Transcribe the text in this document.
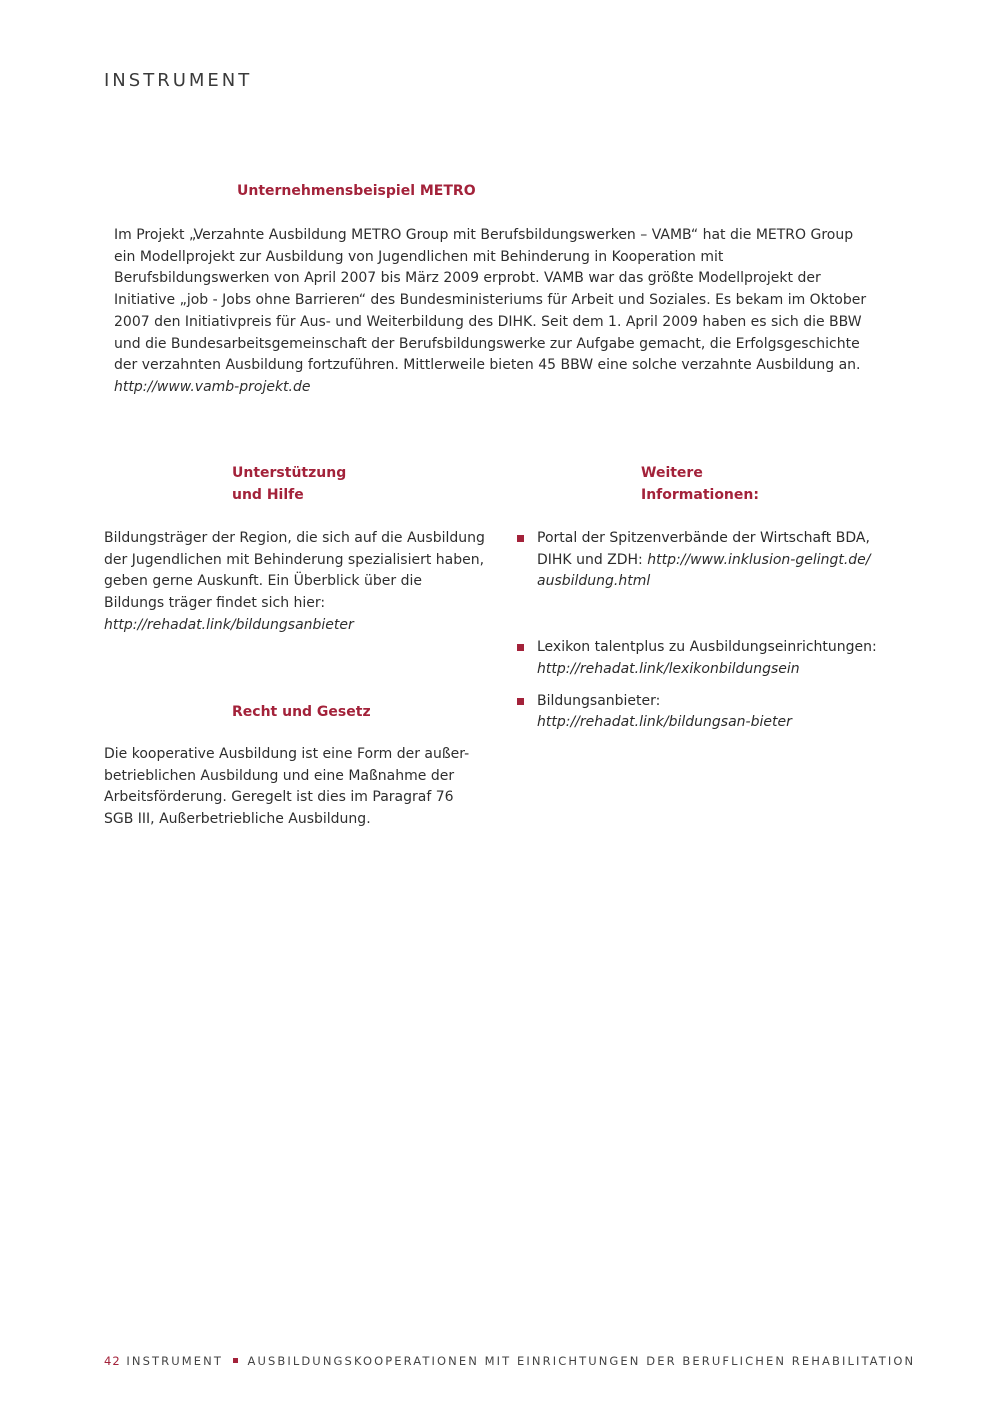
INSTRUMENT
Unternehmensbeispiel METRO
Im Projekt „Verzahnte Ausbildung METRO Group mit Berufsbildungswerken – VAMB“ hat die METRO Group ein Modellprojekt zur Ausbildung von Jugendlichen mit Behinderung in Kooperation mit Berufsbildungswerken von April 2007 bis März 2009 erprobt. VAMB war das größte Modellprojekt der Initiative „job - Jobs ohne Barrieren“ des Bundesministeriums für Arbeit und Soziales. Es bekam im Oktober 2007 den Initiativpreis für Aus- und Weiterbildung des DIHK. Seit dem 1. April 2009 haben es sich die BBW und die Bundesarbeitsgemeinschaft der Berufsbildungswerke zur Aufgabe gemacht, die Erfolgsgeschichte der verzahnten Ausbildung fortzuführen. Mittlerweile bieten 45 BBW eine solche verzahnte Ausbildung an. http://www.vamb-projekt.de
Unterstützung
und Hilfe
Bildungsträger der Region, die sich auf die Ausbildung der Jugendlichen mit Behinderung spezialisiert haben, geben gerne Auskunft. Ein Überblick über die Bildungs träger findet sich hier: http://rehadat.link/bildungsanbieter
Recht und Gesetz
Die kooperative Ausbildung ist eine Form der außer-betrieblichen Ausbildung und eine Maßnahme der Arbeitsförderung. Geregelt ist dies im Paragraf 76 SGB III, Außerbetriebliche Ausbildung.
Weitere
Informationen:
Portal der Spitzenverbände der Wirtschaft BDA, DIHK und ZDH: http://www.inklusion-gelingt.de/ ausbildung.html
Lexikon talentplus zu Ausbildungseinrichtungen: http://rehadat.link/lexikonbildungsein
Bildungsanbieter: http://rehadat.link/bildungsan-bieter
42 INSTRUMENT AUSBILDUNGSKOOPERATIONEN MIT EINRICHTUNGEN DER BERUFLICHEN REHABILITATION
